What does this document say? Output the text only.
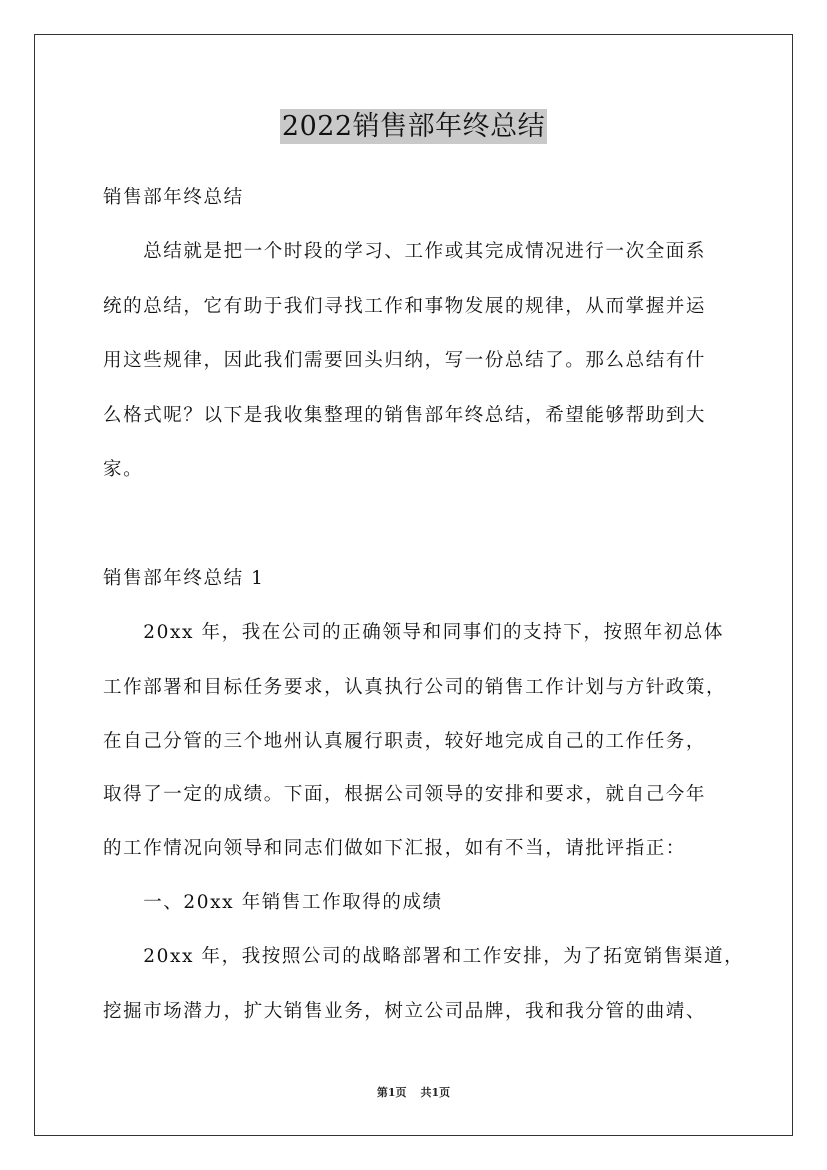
2022销售部年终总结
销售部年终总结
　　总结就是把一个时段的学习、工作或其完成情况进行一次全面系
统的总结，它有助于我们寻找工作和事物发展的规律，从而掌握并运
用这些规律，因此我们需要回头归纳，写一份总结了。那么总结有什
么格式呢？以下是我收集整理的销售部年终总结，希望能够帮助到大
家。
销售部年终总结 1
　　20xx 年，我在公司的正确领导和同事们的支持下，按照年初总体
工作部署和目标任务要求，认真执行公司的销售工作计划与方针政策，
在自己分管的三个地州认真履行职责，较好地完成自己的工作任务，
取得了一定的成绩。下面，根据公司领导的安排和要求，就自己今年
的工作情况向领导和同志们做如下汇报，如有不当，请批评指正：
　　一、20xx 年销售工作取得的成绩
　　20xx 年，我按照公司的战略部署和工作安排，为了拓宽销售渠道，
挖掘市场潜力，扩大销售业务，树立公司品牌，我和我分管的曲靖、
第1页 共1页
